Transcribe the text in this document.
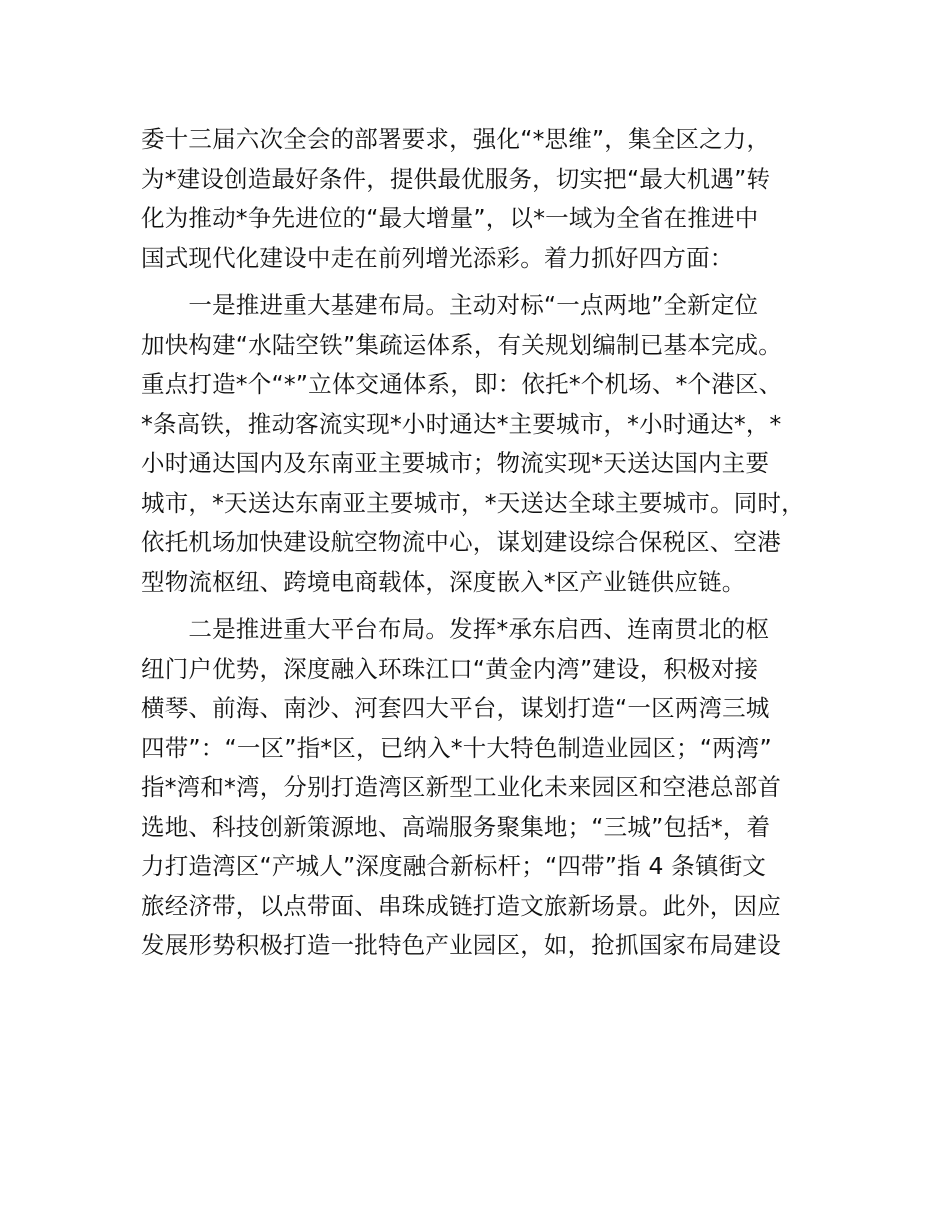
委十三届六次全会的部署要求，强化“*思维”，集全区之力，
为*建设创造最好条件，提供最优服务，切实把“最大机遇”转
化为推动*争先进位的“最大增量”，以*一域为全省在推进中
国式现代化建设中走在前列增光添彩。着力抓好四方面：
　　一是推进重大基建布局。主动对标“一点两地”全新定位
加快构建“水陆空铁”集疏运体系，有关规划编制已基本完成。
重点打造*个“*”立体交通体系，即：依托*个机场、*个港区、
*条高铁，推动客流实现*小时通达*主要城市，*小时通达*，*
小时通达国内及东南亚主要城市；物流实现*天送达国内主要
城市，*天送达东南亚主要城市，*天送达全球主要城市。同时，
依托机场加快建设航空物流中心，谋划建设综合保税区、空港
型物流枢纽、跨境电商载体，深度嵌入*区产业链供应链。
　　二是推进重大平台布局。发挥*承东启西、连南贯北的枢
纽门户优势，深度融入环珠江口“黄金内湾”建设，积极对接
横琴、前海、南沙、河套四大平台，谋划打造“一区两湾三城
四带”：“一区”指*区，已纳入*十大特色制造业园区；“两湾”
指*湾和*湾，分别打造湾区新型工业化未来园区和空港总部首
选地、科技创新策源地、高端服务聚集地；“三城”包括*，着
力打造湾区“产城人”深度融合新标杆；“四带”指 4 条镇街文
旅经济带，以点带面、串珠成链打造文旅新场景。此外，因应
发展形势积极打造一批特色产业园区，如，抢抓国家布局建设
